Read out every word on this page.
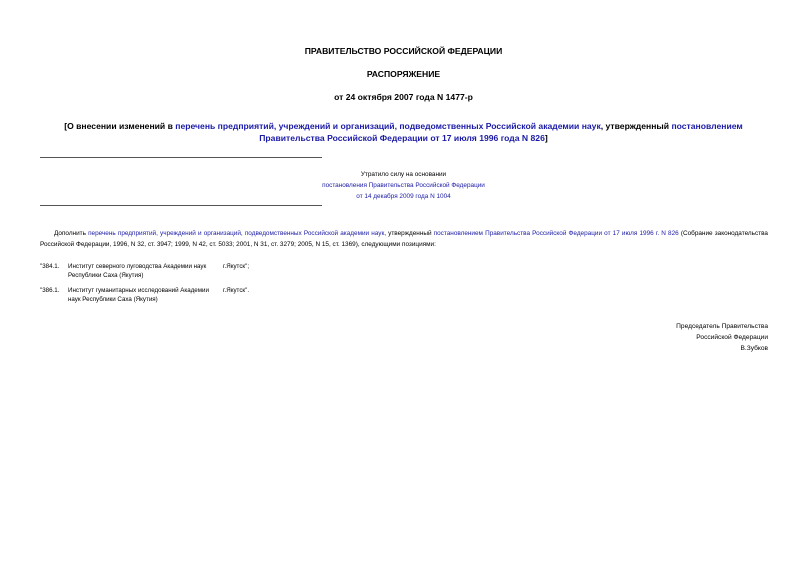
ПРАВИТЕЛЬСТВО РОССИЙСКОЙ ФЕДЕРАЦИИ
РАСПОРЯЖЕНИЕ
от 24 октября 2007 года N 1477-р
[О внесении изменений в перечень предприятий, учреждений и организаций, подведомственных Российской академии наук, утвержденный постановлением Правительства Российской Федерации от 17 июля 1996 года N 826]
Утратило силу на основании
постановления Правительства Российской Федерации
от 14 декабря 2009 года N 1004
Дополнить перечень предприятий, учреждений и организаций, подведомственных Российской академии наук, утвержденный постановлением Правительства Российской Федерации от 17 июля 1996 г. N 826 (Собрание законодательства Российской Федерации, 1996, N 32, ст. 3947; 1999, N 42, ст. 5033; 2001, N 31, ст. 3279; 2005, N 15, ст. 1369), следующими позициями:
"384.1.	Институт северного луговодства Академии наук Республики Саха (Якутия)
г.Якутск";
"386.1.	Институт гуманитарных исследований Академии наук Республики Саха (Якутия)
г.Якутск".
Председатель Правительства
Российской Федерации
В.Зубков
